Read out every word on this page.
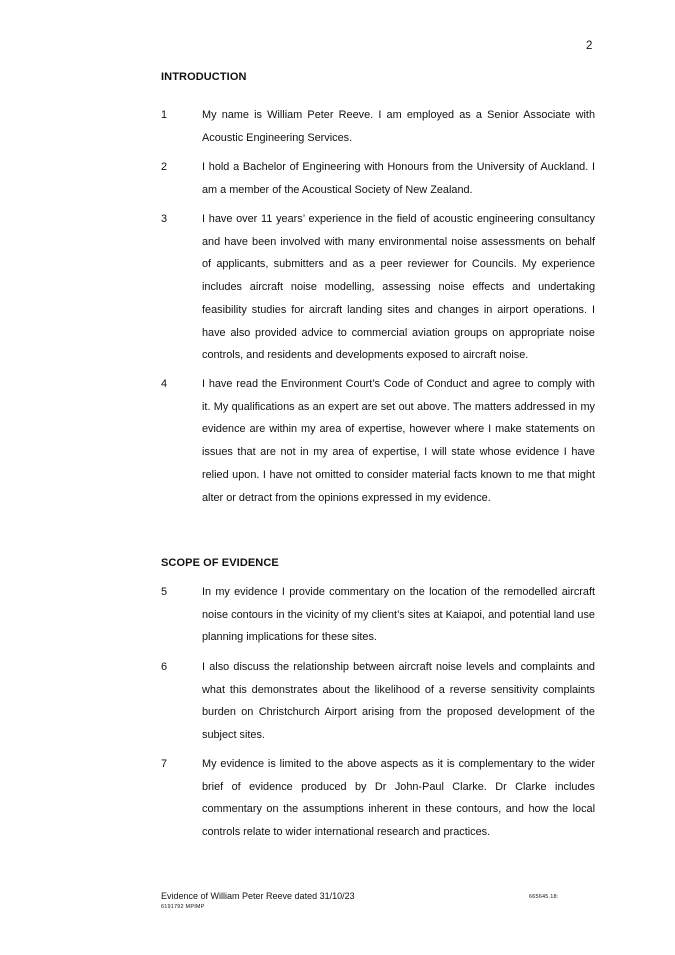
2
INTRODUCTION
1	My name is William Peter Reeve. I am employed as a Senior Associate with Acoustic Engineering Services.
2	I hold a Bachelor of Engineering with Honours from the University of Auckland. I am a member of the Acoustical Society of New Zealand.
3	I have over 11 years’ experience in the field of acoustic engineering consultancy and have been involved with many environmental noise assessments on behalf of applicants, submitters and as a peer reviewer for Councils. My experience includes aircraft noise modelling, assessing noise effects and undertaking feasibility studies for aircraft landing sites and changes in airport operations. I have also provided advice to commercial aviation groups on appropriate noise controls, and residents and developments exposed to aircraft noise.
4	I have read the Environment Court’s Code of Conduct and agree to comply with it. My qualifications as an expert are set out above. The matters addressed in my evidence are within my area of expertise, however where I make statements on issues that are not in my area of expertise, I will state whose evidence I have relied upon. I have not omitted to consider material facts known to me that might alter or detract from the opinions expressed in my evidence.
SCOPE OF EVIDENCE
5	In my evidence I provide commentary on the location of the remodelled aircraft noise contours in the vicinity of my client’s sites at Kaiapoi, and potential land use planning implications for these sites.
6	I also discuss the relationship between aircraft noise levels and complaints and what this demonstrates about the likelihood of a reverse sensitivity complaints burden on Christchurch Airport arising from the proposed development of the subject sites.
7	My evidence is limited to the above aspects as it is complementary to the wider brief of evidence produced by Dr John-Paul Clarke. Dr Clarke includes commentary on the assumptions inherent in these contours, and how the local controls relate to wider international research and practices.
Evidence of William Peter Reeve dated 31/10/23
6191792 MPIMP
665645.18:
